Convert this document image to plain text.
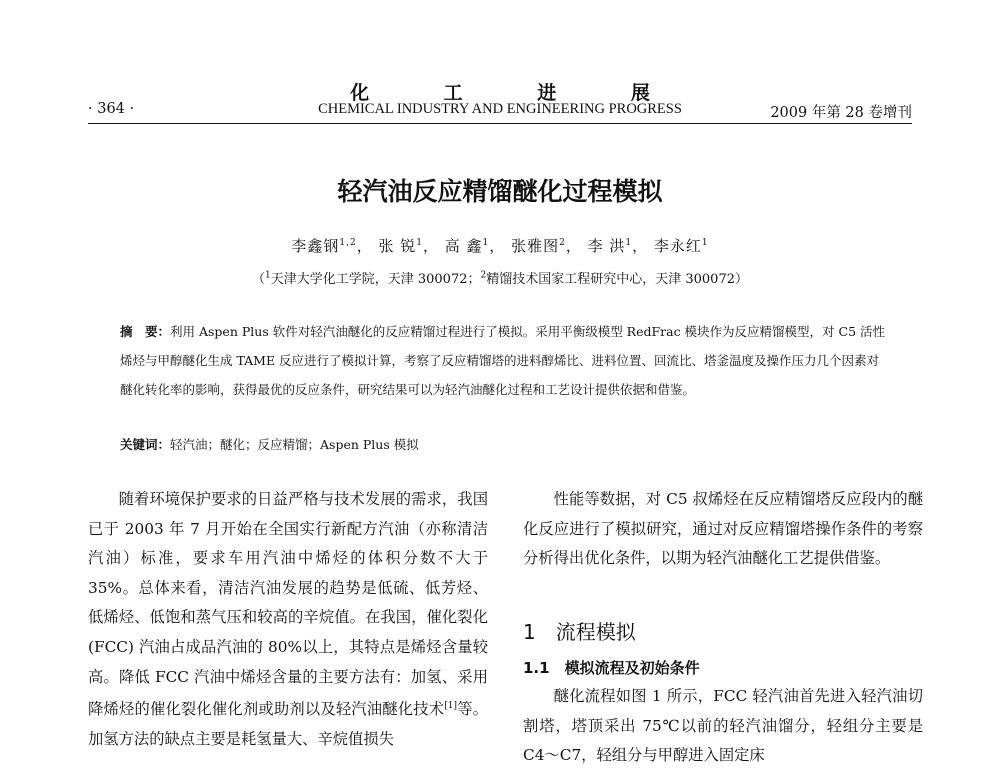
化 工 进 展
· 364 ·	CHEMICAL INDUSTRY AND ENGINEERING PROGRESS	2009 年第 28 卷增刊
轻汽油反应精馏醚化过程模拟
李鑫钢$^{1,2}$， 张 锐$^1$， 高 鑫$^1$， 张雅图$^2$， 李 洪$^1$， 李永红$^1$
（$^1$天津大学化工学院，天津 300072；$^2$精馏技术国家工程研究中心，天津 300072）
摘　要：利用 Aspen Plus 软件对轻汽油醚化的反应精馏过程进行了模拟。采用平衡级模型 RedFrac 模块作为反应精馏模型，对 C5 活性烯烃与甲醇醚化生成 TAME 反应进行了模拟计算，考察了反应精馏塔的进料醇烯比、进料位置、回流比、塔釜温度及操作压力几个因素对醚化转化率的影响，获得最优的反应条件，研究结果可以为轻汽油醚化过程和工艺设计提供依据和借鉴。
关键词：轻汽油；醚化；反应精馏；Aspen Plus 模拟

随着环境保护要求的日益严格与技术发展的需求，我国已于 2003 年 7 月开始在全国实行新配方汽油（亦称清洁汽油）标准，要求车用汽油中烯烃的体积分数不大于 35%。总体来看，清洁汽油发展的趋势是低硫、低芳烃、低烯烃、低饱和蒸气压和较高的辛烷值。在我国，催化裂化(FCC) 汽油占成品汽油的 80%以上，其特点是烯烃含量较高。降低 FCC 汽油中烯烃含量的主要方法有：加氢、采用降烯烃的催化裂化催化剂或助剂以及轻汽油醚化技术[1]等。加氢方法的缺点主要是耗氢量大、辛烷值损失

性能等数据，对 C5 叔烯烃在反应精馏塔反应段内的醚化反应进行了模拟研究，通过对反应精馏塔操作条件的考察分析得出优化条件，以期为轻汽油醚化工艺提供借鉴。

1　流程模拟
1.1　模拟流程及初始条件

醚化流程如图 1 所示，FCC 轻汽油首先进入轻汽油切割塔，塔顶采出 75℃以前的轻汽油馏分，轻组分主要是 C4～C7，轻组分与甲醇进入固定床
